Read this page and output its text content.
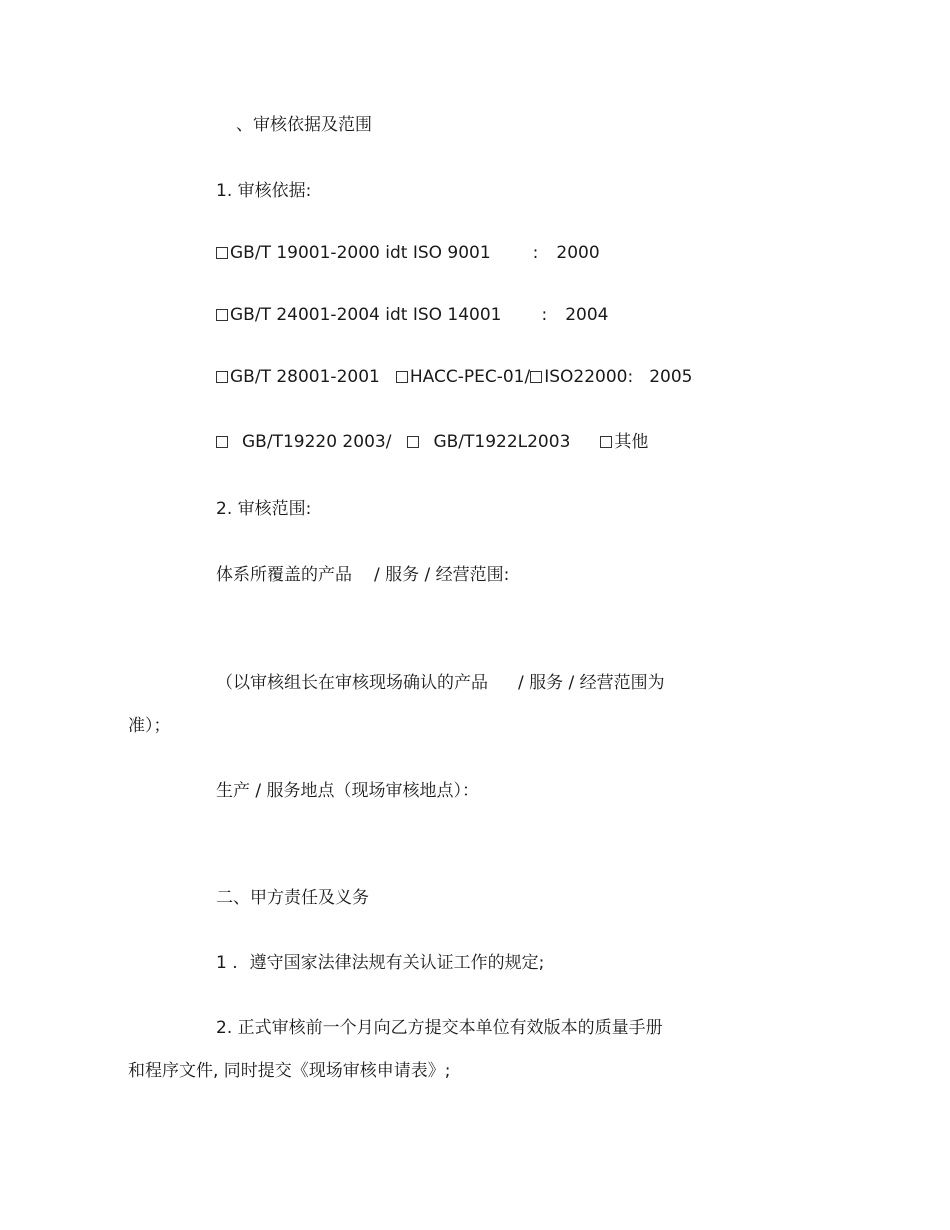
、审核依据及范围
1. 审核依据:
GB/T 19001-2000 idt ISO 9001 : 2000
GB/T 24001-2004 idt ISO 14001 : 2004
GB/T 28001-2001 HACC-PEC-01/ ISO22000: 2005
GB/T19220 2003/ GB/T1922L2003	其他
2. 审核范围:
体系所覆盖的产品 / 服务 / 经营范围:
（以审核组长在审核现场确认的产品 / 服务 / 经营范围为
准）；
生产 / 服务地点（现场审核地点）：
二、甲方责任及义务
1 . 遵守国家法律法规有关认证工作的规定;
2. 正式审核前一个月向乙方提交本单位有效版本的质量手册
和程序文件, 同时提交《现场审核申请表》;
